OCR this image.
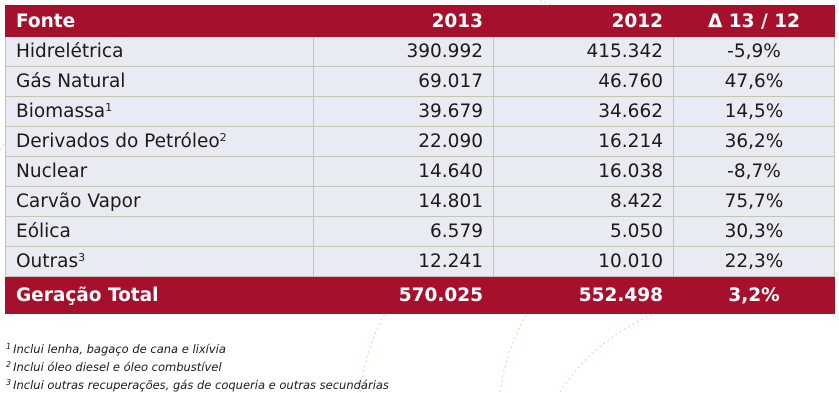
Fonte	2013	2012	Δ 13 / 12
Hidrelétrica	390.992	415.342	-5,9%
Gás Natural	69.017	46.760	47,6%
Biomassa$^1$	39.679	34.662	14,5%
Derivados do Petróleo$^2$	22.090	16.214	36,2%
Nuclear	14.640	16.038	-8,7%
Carvão Vapor	14.801	8.422	75,7%
Eólica	6.579	5.050	30,3%
Outras$^3$	12.241	10.010	22,3%
Geração Total	570.025	552.498	3,2%
$^1$ Inclui lenha, bagaço de cana e lixívia
$^2$ Inclui óleo diesel e óleo combustível
$^3$ Inclui outras recuperações, gás de coqueria e outras secundárias
